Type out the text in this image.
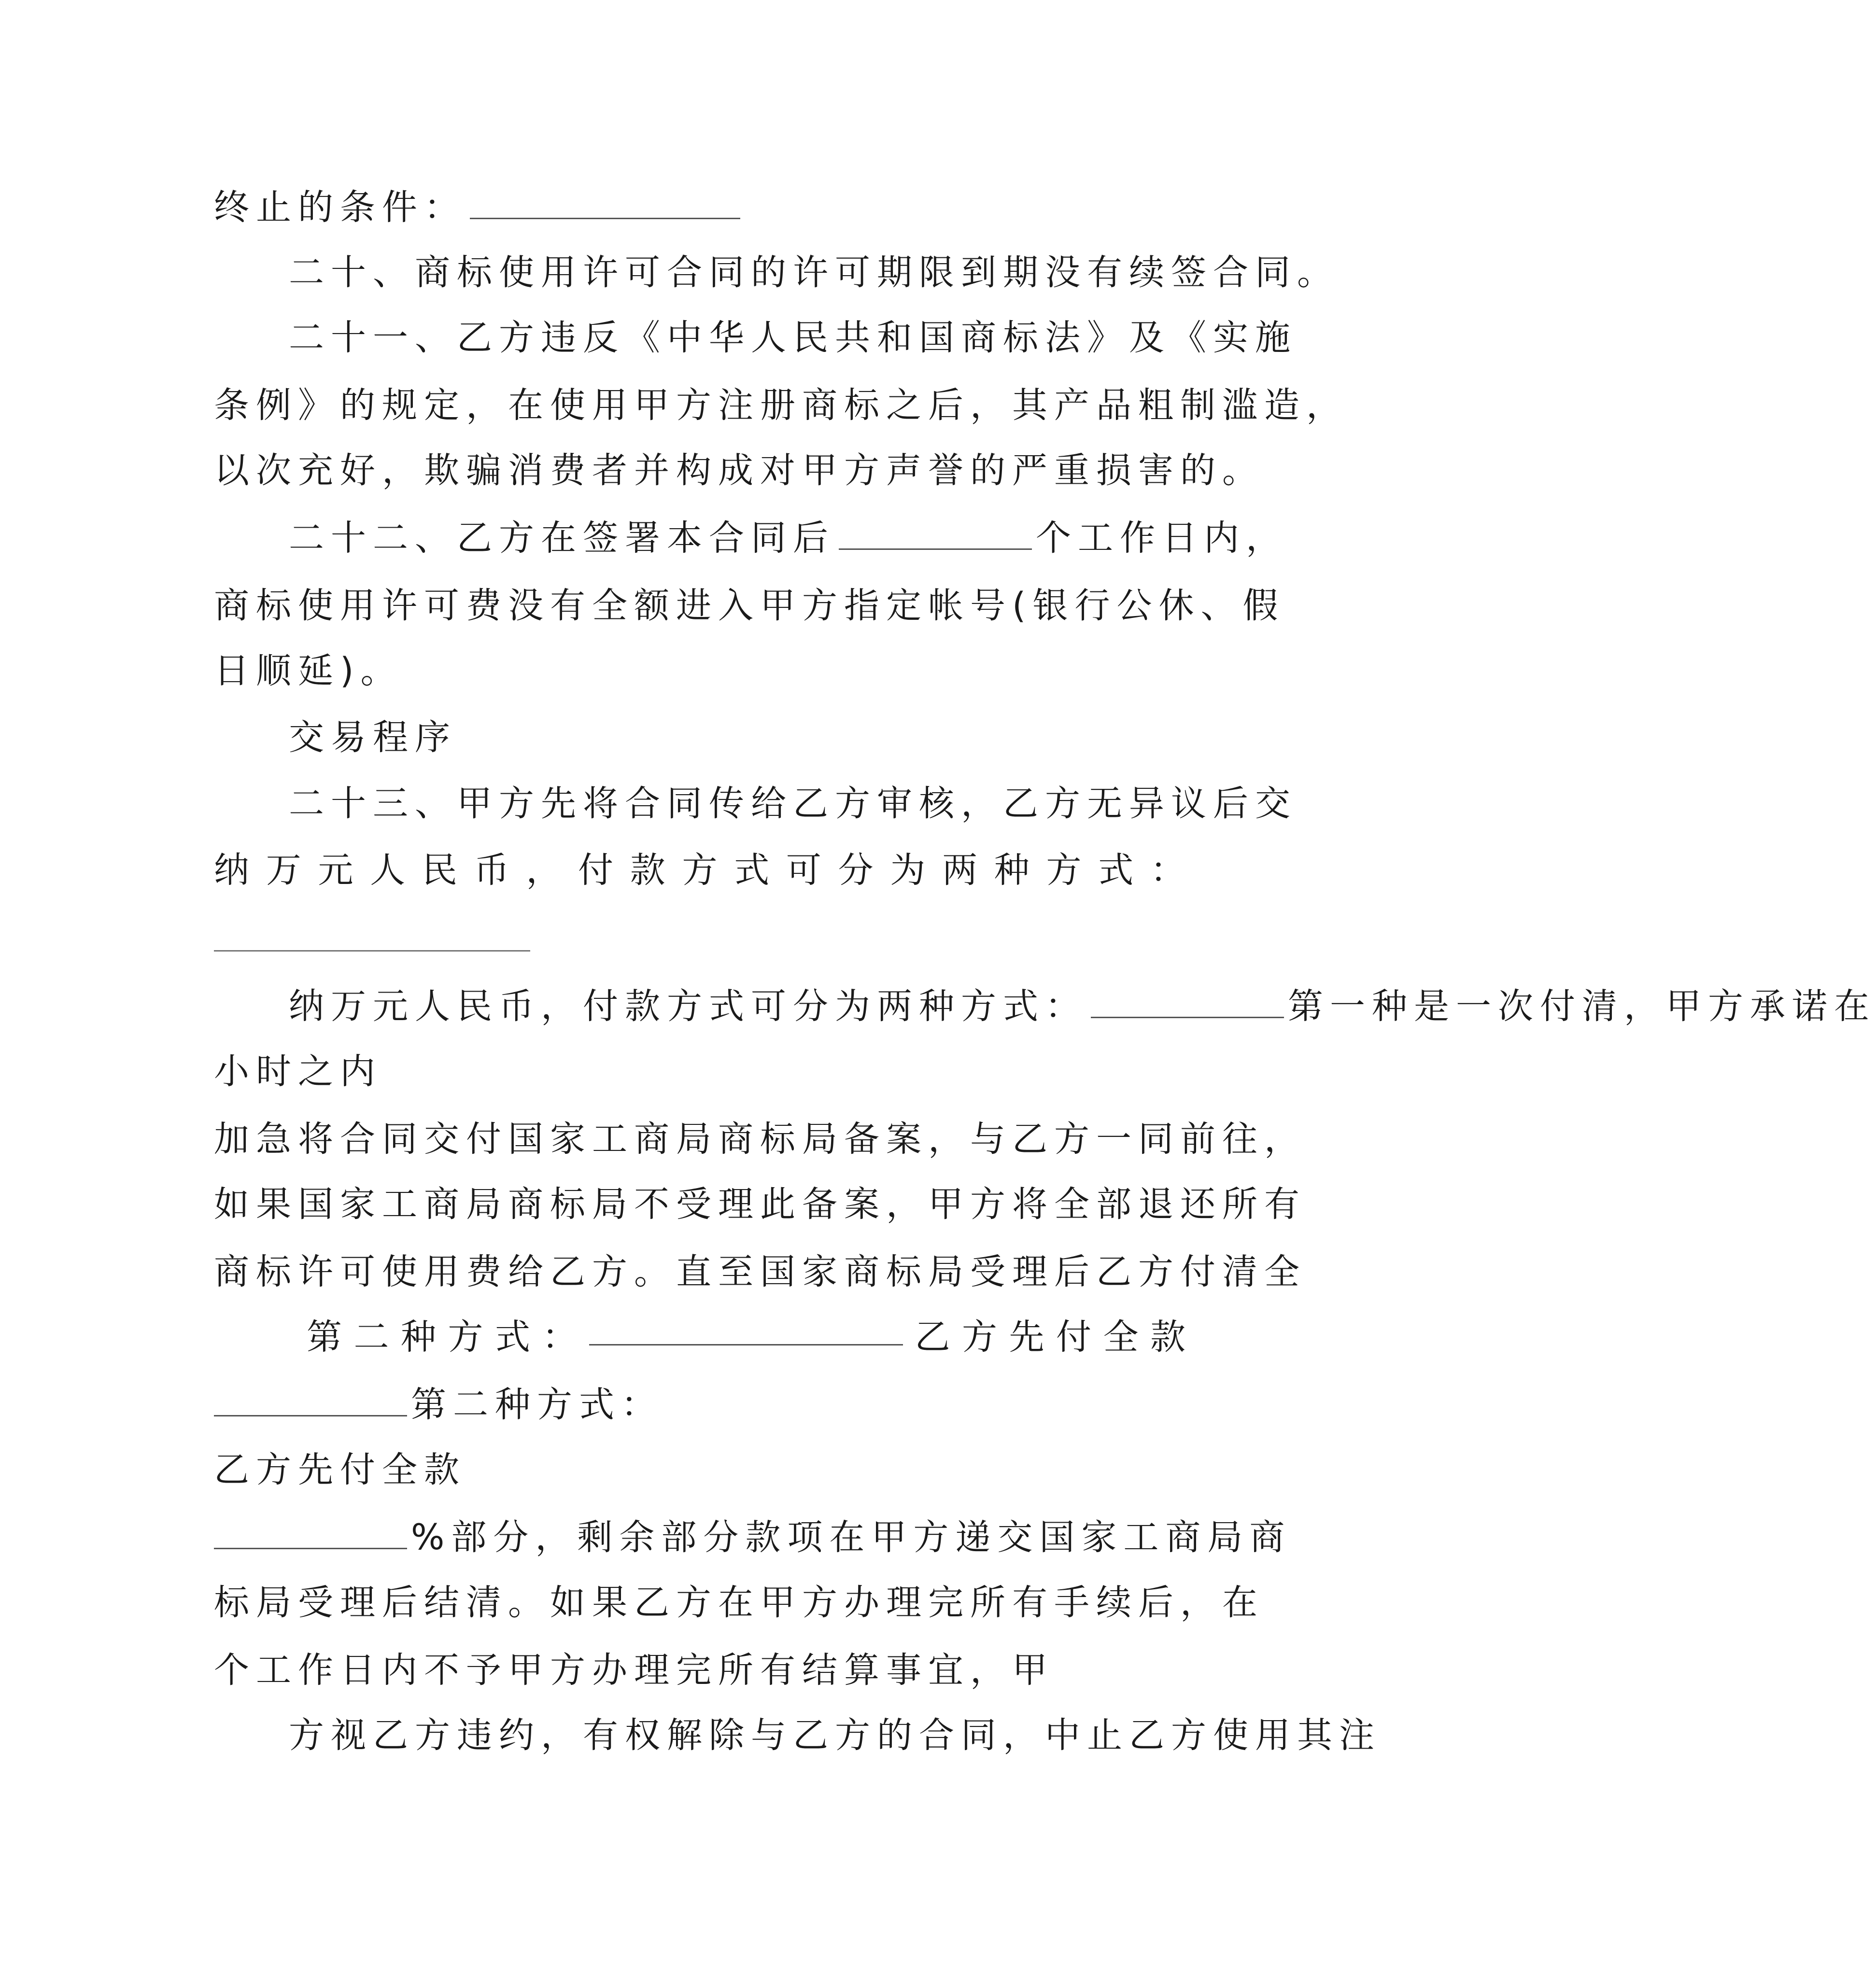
终止的条件：
二十、商标使用许可合同的许可期限到期没有续签合同。
二十一、乙方违反《中华人民共和国商标法》及《实施
条例》的规定，在使用甲方注册商标之后，其产品粗制滥造，
以次充好，欺骗消费者并构成对甲方声誉的严重损害的。
二十二、乙方在签署本合同后	个工作日内，
商标使用许可费没有全额进入甲方指定帐号(银行公休、假
日顺延)。
交易程序
二十三、甲方先将合同传给乙方审核，乙方无异议后交
纳 万 元 人 民 币 ， 付 款 方 式 可 分 为 两 种 方 式 ：
纳万元人民币，付款方式可分为两种方式：	第一种是一次付清，甲方承诺在
小时之内
加急将合同交付国家工商局商标局备案，与乙方一同前往，
如果国家工商局商标局不受理此备案，甲方将全部退还所有
商标许可使用费给乙方。直至国家商标局受理后乙方付清全
第 二 种 方 式 ：	乙 方 先 付 全 款
第二种方式：
乙方先付全款
%部分，剩余部分款项在甲方递交国家工商局商
标局受理后结清。如果乙方在甲方办理完所有手续后，在
个工作日内不予甲方办理完所有结算事宜，甲
方视乙方违约，有权解除与乙方的合同，中止乙方使用其注
